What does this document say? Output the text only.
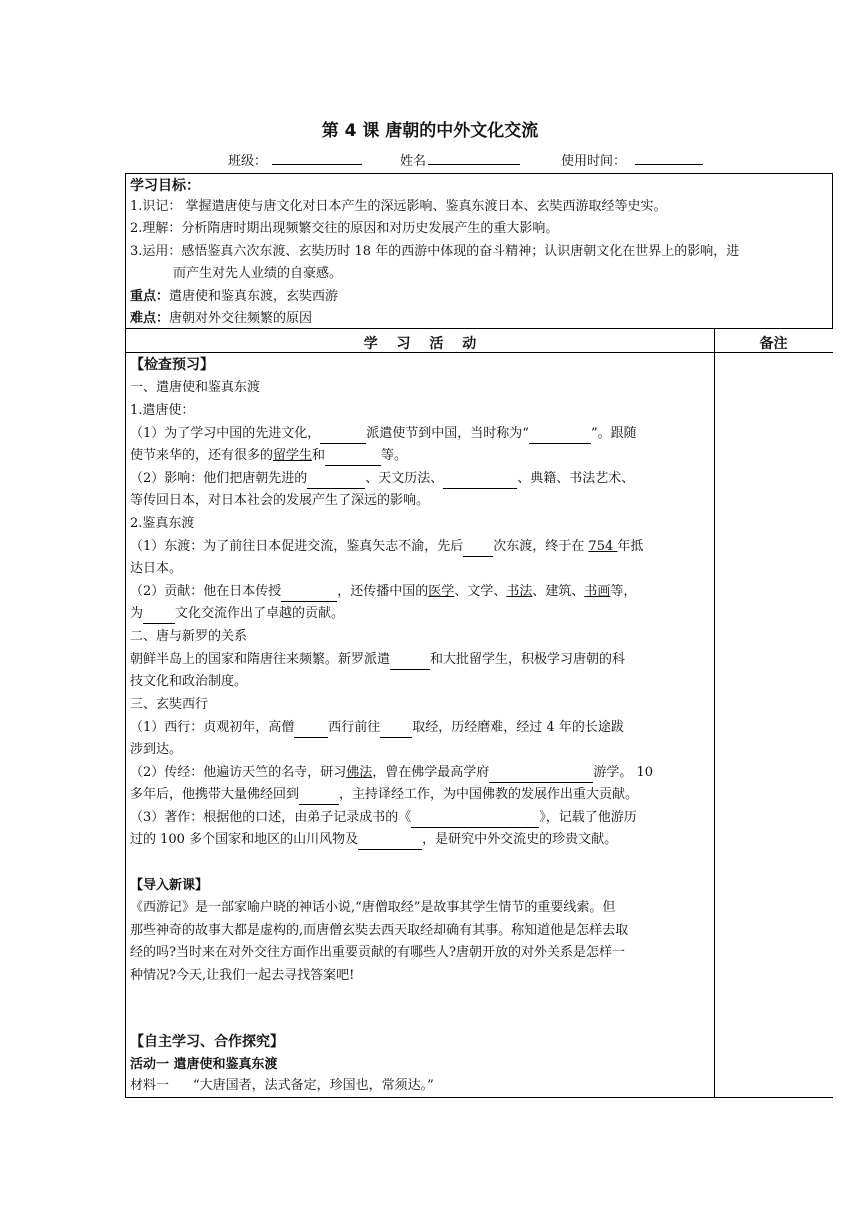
第 4 课 唐朝的中外文化交流
班级：	姓名	使用时间：
学习目标：
1.识记： 掌握遣唐使与唐文化对日本产生的深远影响、鉴真东渡日本、玄奘西游取经等史实。
2.理解：分析隋唐时期出现频繁交往的原因和对历史发展产生的重大影响。
3.运用：感悟鉴真六次东渡、玄奘历时 18 年的西游中体现的奋斗精神；认识唐朝文化在世界上的影响，进
而产生对先人业绩的自豪感。
重点：遣唐使和鉴真东渡，玄奘西游
难点：唐朝对外交往频繁的原因
学 习 活 动	备注
【检查预习】
一、遣唐使和鉴真东渡
1.遣唐使：
（1）为了学习中国的先进文化，	派遣使节到中国，当时称为“	”。跟随
使节来华的，还有很多的留学生和	等。
（2）影响：他们把唐朝先进的	、天文历法、	、典籍、书法艺术、
等传回日本，对日本社会的发展产生了深远的影响。
2.鉴真东渡
（1）东渡：为了前往日本促进交流，鉴真矢志不渝，先后 次东渡，终于在 754 年抵
达日本。
（2）贡献：他在日本传授	，还传播中国的医学、文学、书法、建筑、书画等，
为 文化交流作出了卓越的贡献。
二、唐与新罗的关系
朝鲜半岛上的国家和隋唐往来频繁。新罗派遣	和大批留学生，积极学习唐朝的科
技文化和政治制度。
三、玄奘西行
（1）西行：贞观初年，高僧	西行前往 取经，历经磨难，经过 4 年的长途跋
涉到达。
（2）传经：他遍访天竺的名寺，研习佛法，曾在佛学最高学府	游学。 10
多年后，他携带大量佛经回到	，主持译经工作，为中国佛教的发展作出重大贡献。
（3）著作：根据他的口述，由弟子记录成书的《	》，记载了他游历
过的 100 多个国家和地区的山川风物及	，是研究中外交流史的珍贵文献。
【导入新课】
《西游记》是一部家喻户晓的神话小说,“唐僧取经”是故事其学生情节的重要线索。但
那些神奇的故事大都是虚构的,而唐僧玄奘去西天取经却确有其事。称知道他是怎样去取
经的吗?当时来在对外交往方面作出重要贡献的有哪些人?唐朝开放的对外关系是怎样一
种情况?今天,让我们一起去寻找答案吧!
【自主学习、合作探究】
活动一 遣唐使和鉴真东渡
材料一 “大唐国者，法式备定，珍国也，常须达。”
